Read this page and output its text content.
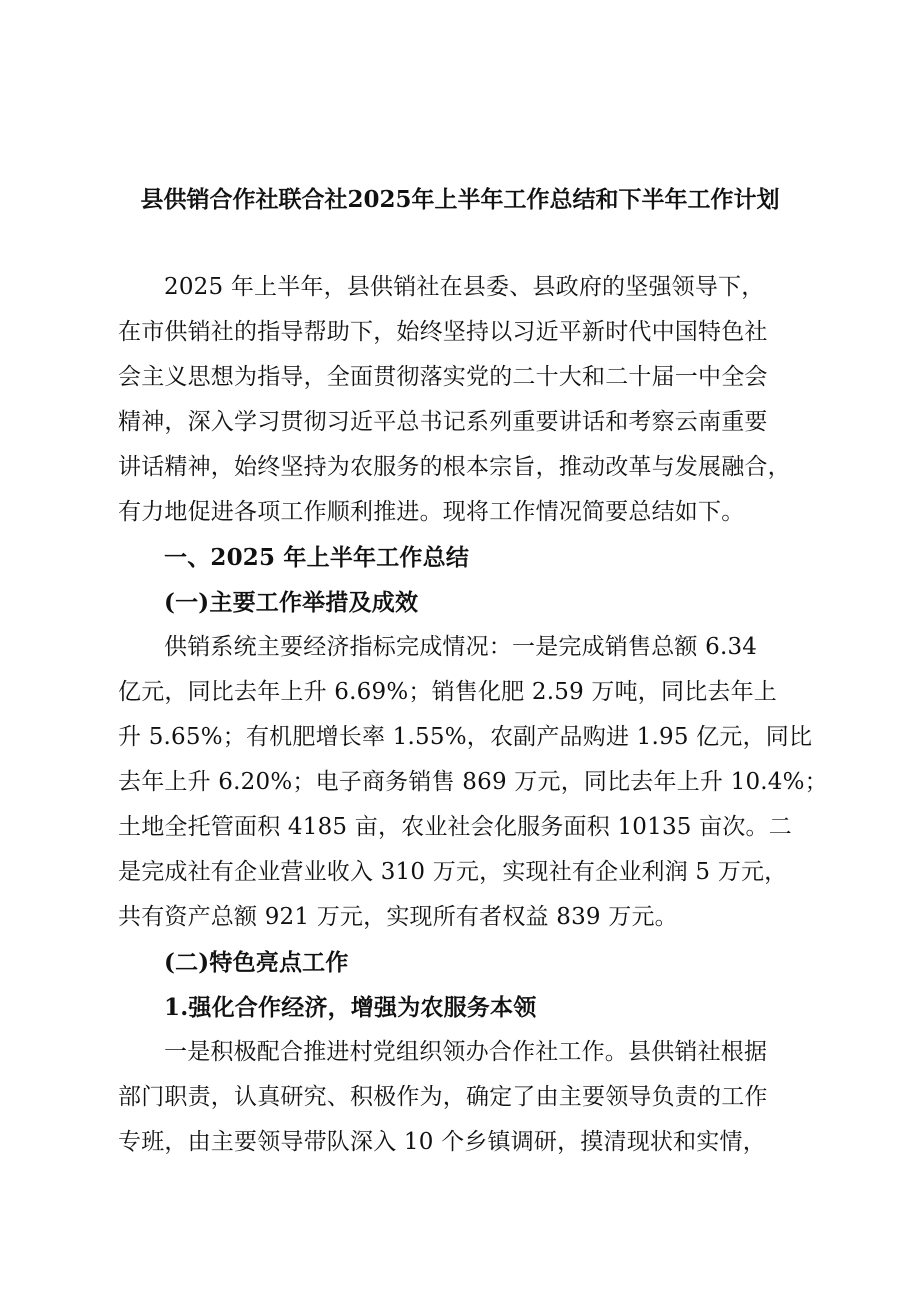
县供销合作社联合社2025年上半年工作总结和下半年工作计划
2025 年上半年，县供销社在县委、县政府的坚强领导下，
在市供销社的指导帮助下，始终坚持以习近平新时代中国特色社
会主义思想为指导，全面贯彻落实党的二十大和二十届一中全会
精神，深入学习贯彻习近平总书记系列重要讲话和考察云南重要
讲话精神，始终坚持为农服务的根本宗旨，推动改革与发展融合，
有力地促进各项工作顺利推进。现将工作情况简要总结如下。
一、2025 年上半年工作总结
(一)主要工作举措及成效
供销系统主要经济指标完成情况：一是完成销售总额 6.34
亿元，同比去年上升 6.69%；销售化肥 2.59 万吨，同比去年上
升 5.65%；有机肥增长率 1.55%，农副产品购进 1.95 亿元，同比
去年上升 6.20%；电子商务销售 869 万元，同比去年上升 10.4%；
土地全托管面积 4185 亩，农业社会化服务面积 10135 亩次。二
是完成社有企业营业收入 310 万元，实现社有企业利润 5 万元，
共有资产总额 921 万元，实现所有者权益 839 万元。
(二)特色亮点工作
1.强化合作经济，增强为农服务本领
一是积极配合推进村党组织领办合作社工作。县供销社根据
部门职责，认真研究、积极作为，确定了由主要领导负责的工作
专班，由主要领导带队深入 10 个乡镇调研，摸清现状和实情，
